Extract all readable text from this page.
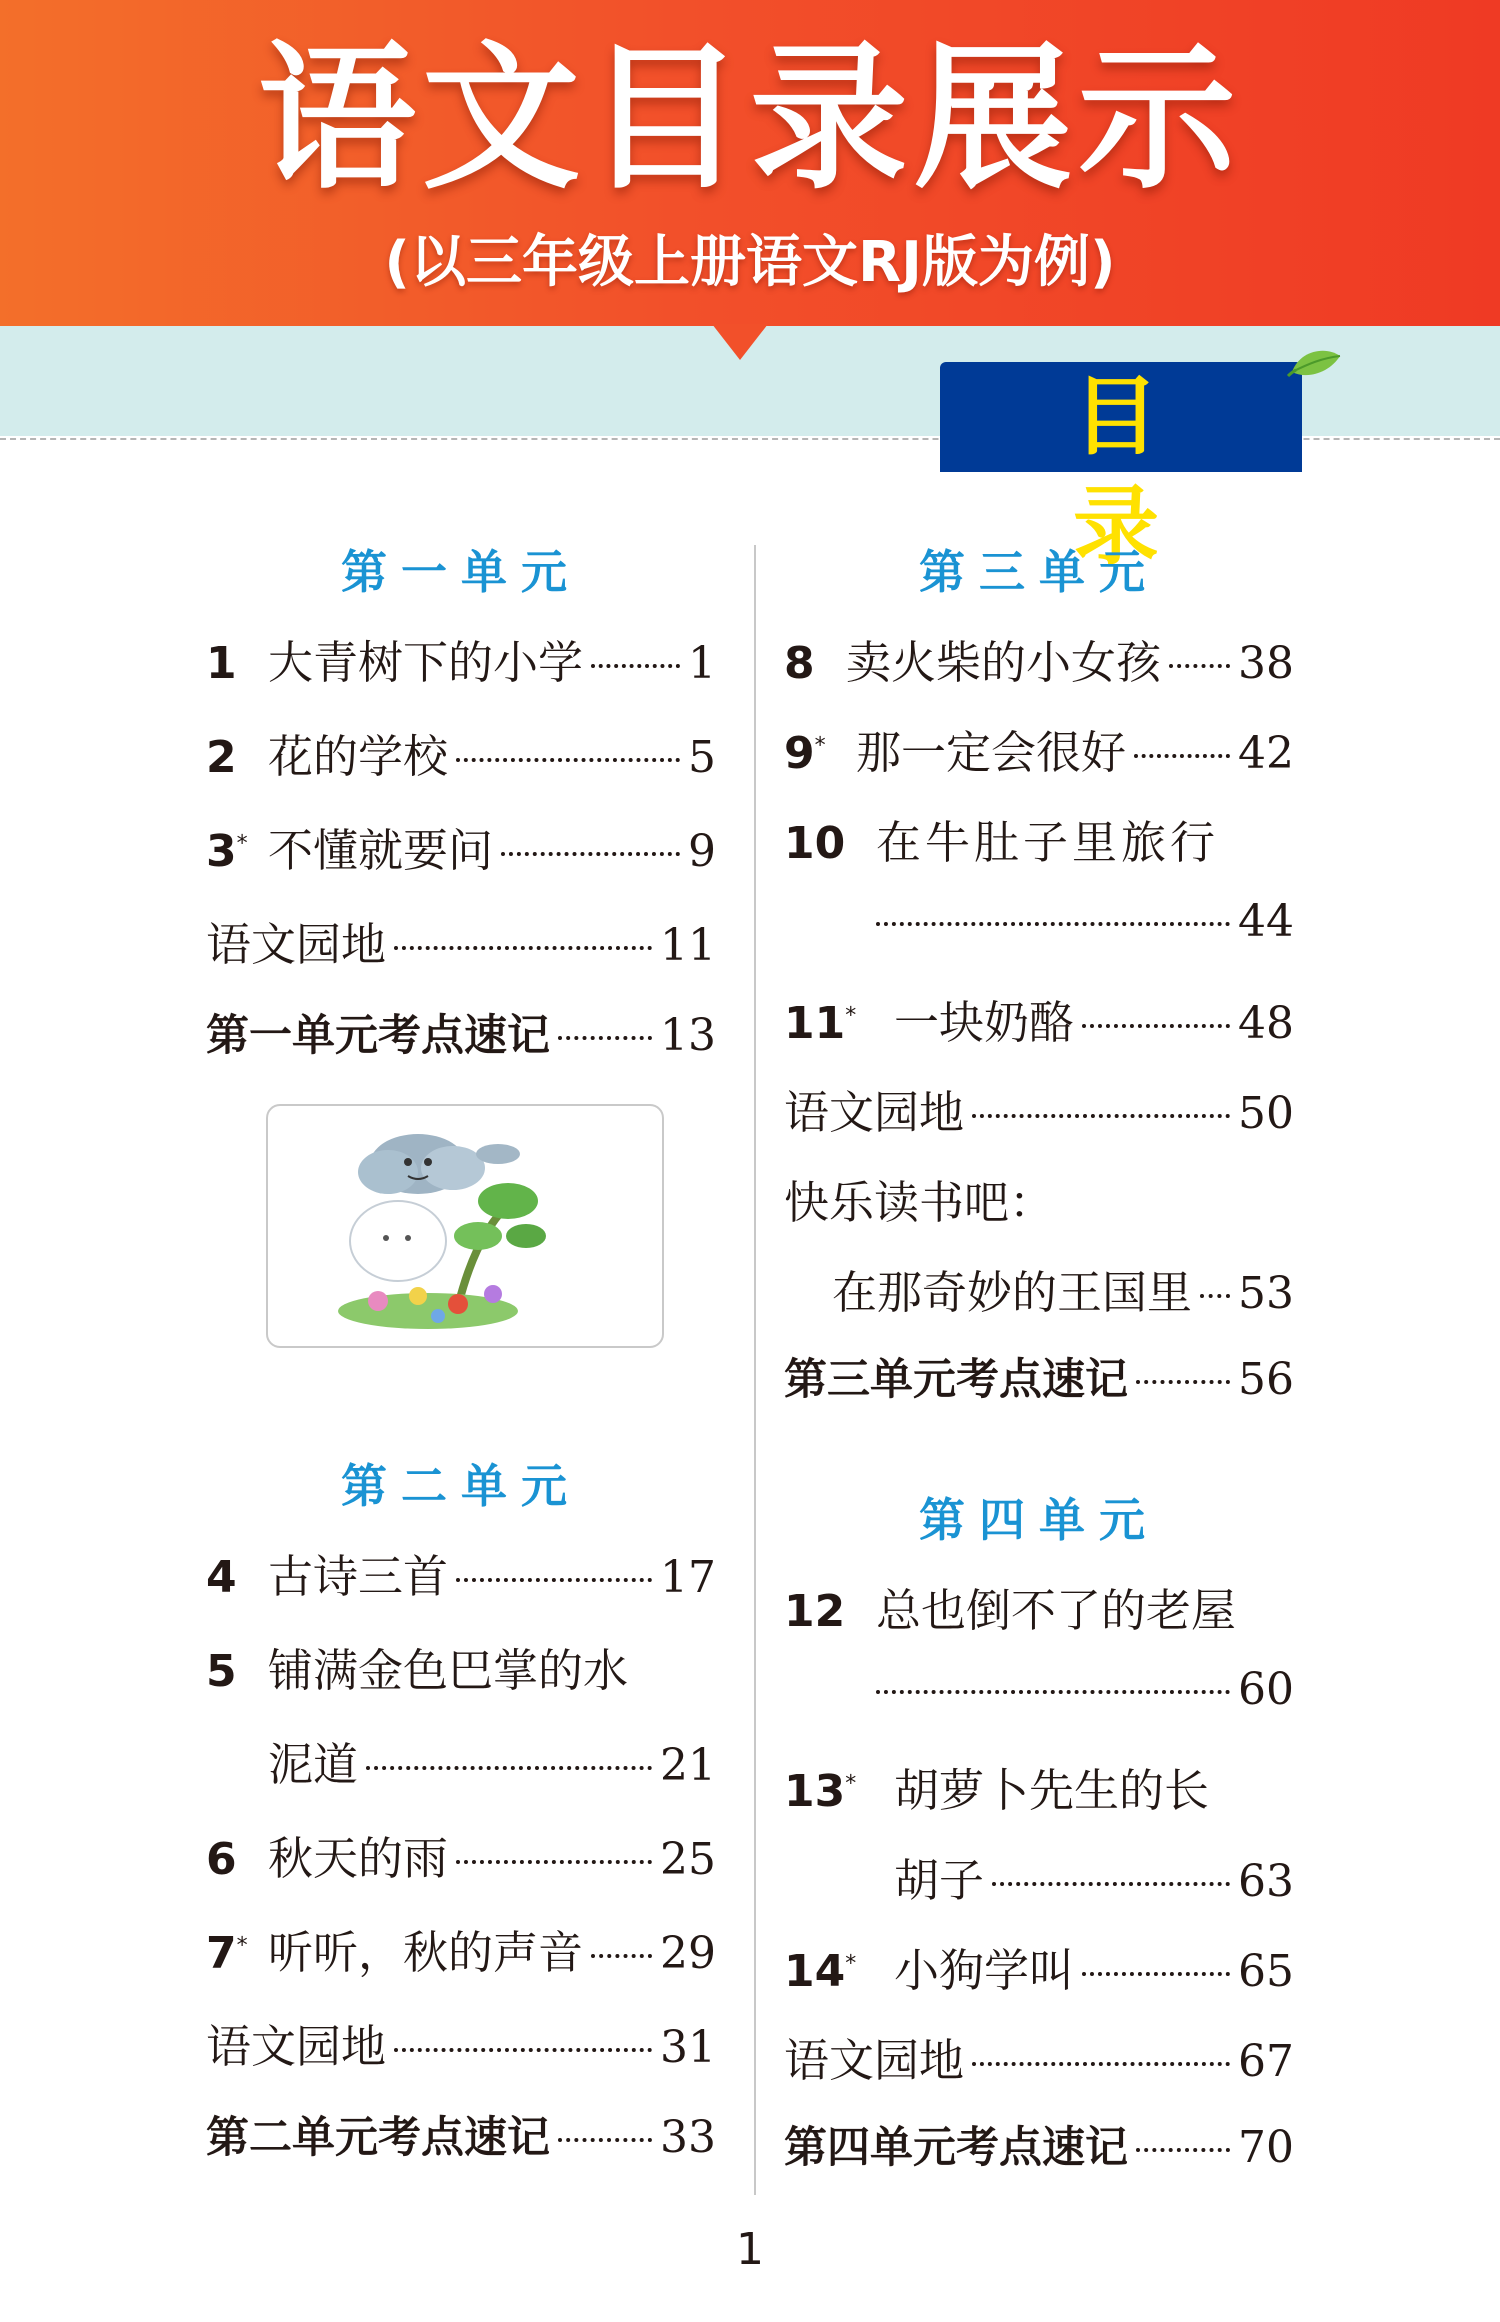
语文目录展示
(以三年级上册语文RJ版为例)
目 录
第一单元
1 大青树下的小学 1
2 花的学校	5
3* 不懂就要问	9
语文园地	11
第一单元考点速记	13
第二单元
4 古诗三首	17
5 铺满金色巴掌的水
泥道	21
6 秋天的雨	25
7* 听听，秋的声音 29
语文园地	31
第二单元考点速记	33
第三单元
8 卖火柴的小女孩 38
9* 那一定会很好	42
10 在牛肚子里旅行
44
11* 一块奶酪	48
语文园地	50
快乐读书吧：
在那奇妙的王国里 53
第三单元考点速记	56
第四单元
12 总也倒不了的老屋
60
13* 胡萝卜先生的长
胡子	63
14* 小狗学叫	65
语文园地	67
第四单元考点速记	70
1
